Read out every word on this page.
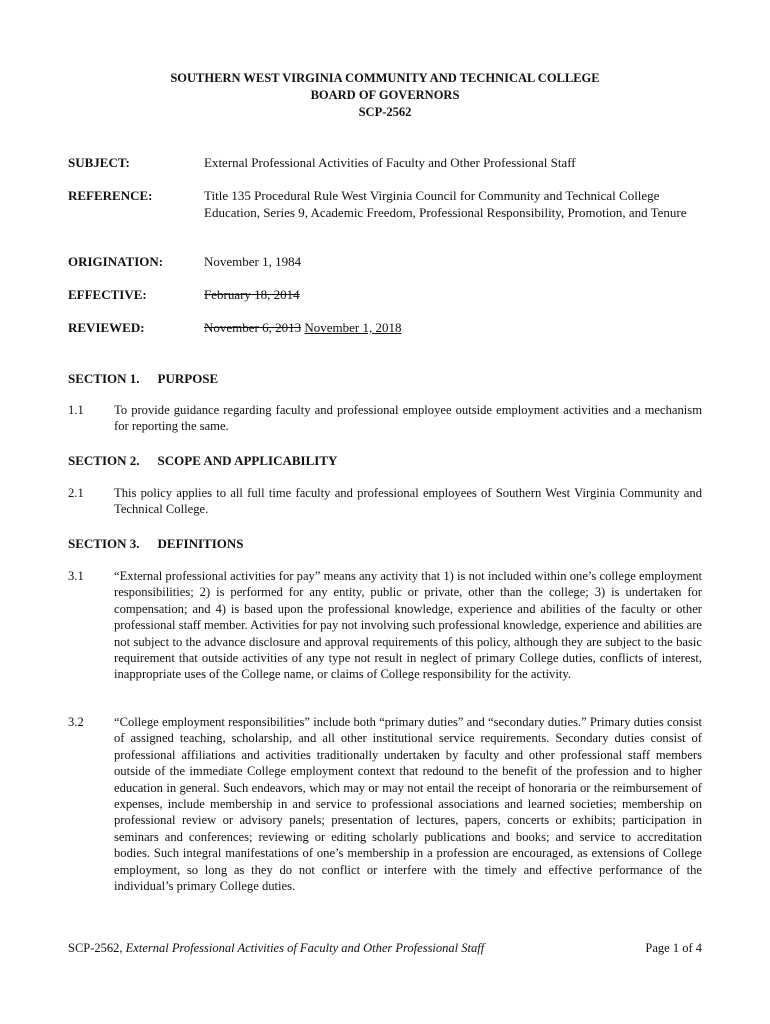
SOUTHERN WEST VIRGINIA COMMUNITY AND TECHNICAL COLLEGE
BOARD OF GOVERNORS
SCP-2562
SUBJECT:	External Professional Activities of Faculty and Other Professional Staff
REFERENCE:	Title 135 Procedural Rule West Virginia Council for Community and Technical College Education, Series 9, Academic Freedom, Professional Responsibility, Promotion, and Tenure
ORIGINATION:	November 1, 1984
EFFECTIVE:	February 18, 2014
REVIEWED:	November 6, 2013 November 1, 2018
SECTION 1. PURPOSE
1.1 To provide guidance regarding faculty and professional employee outside employment activities and a mechanism for reporting the same.
SECTION 2. SCOPE AND APPLICABILITY
2.1 This policy applies to all full time faculty and professional employees of Southern West Virginia Community and Technical College.
SECTION 3. DEFINITIONS
3.1 “External professional activities for pay” means any activity that 1) is not included within one’s college employment responsibilities; 2) is performed for any entity, public or private, other than the college; 3) is undertaken for compensation; and 4) is based upon the professional knowledge, experience and abilities of the faculty or other professional staff member. Activities for pay not involving such professional knowledge, experience and abilities are not subject to the advance disclosure and approval requirements of this policy, although they are subject to the basic requirement that outside activities of any type not result in neglect of primary College duties, conflicts of interest, inappropriate uses of the College name, or claims of College responsibility for the activity.
3.2 “College employment responsibilities” include both “primary duties” and “secondary duties.” Primary duties consist of assigned teaching, scholarship, and all other institutional service requirements. Secondary duties consist of professional affiliations and activities traditionally undertaken by faculty and other professional staff members outside of the immediate College employment context that redound to the benefit of the profession and to higher education in general. Such endeavors, which may or may not entail the receipt of honoraria or the reimbursement of expenses, include membership in and service to professional associations and learned societies; membership on professional review or advisory panels; presentation of lectures, papers, concerts or exhibits; participation in seminars and conferences; reviewing or editing scholarly publications and books; and service to accreditation bodies. Such integral manifestations of one’s membership in a profession are encouraged, as extensions of College employment, so long as they do not conflict or interfere with the timely and effective performance of the individual’s primary College duties.
SCP-2562, External Professional Activities of Faculty and Other Professional Staff	Page 1 of 4
